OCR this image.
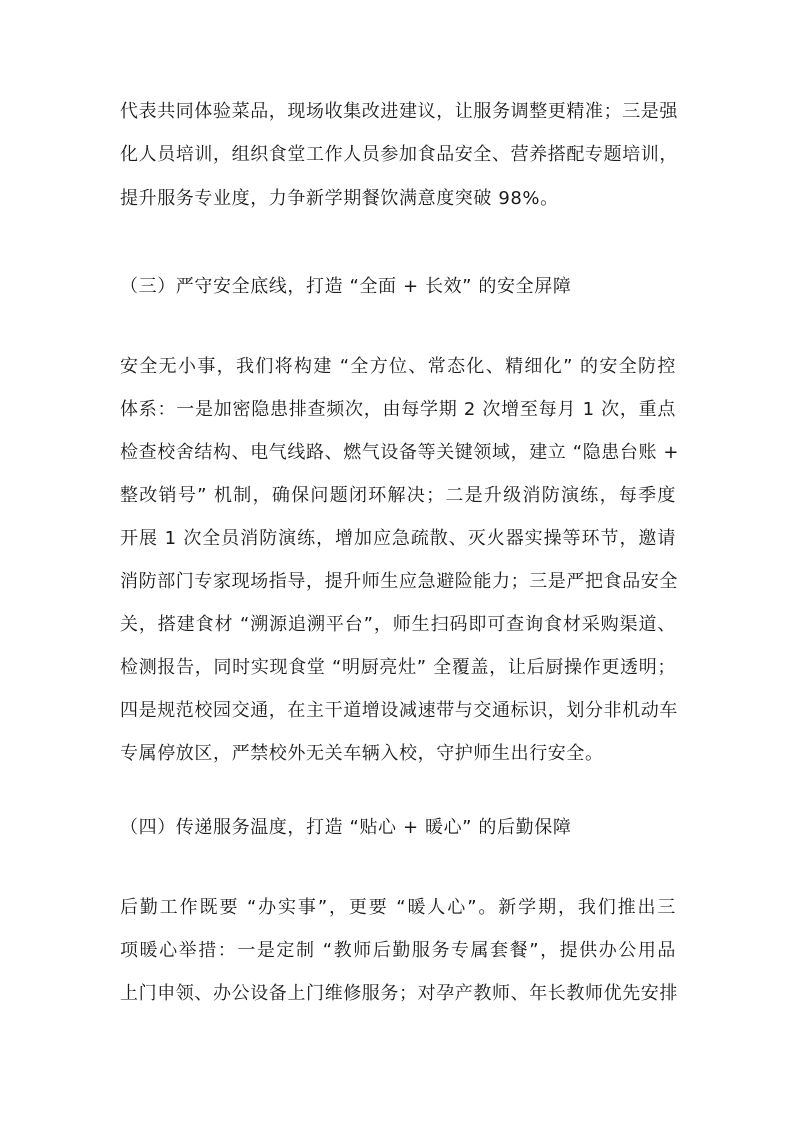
代表共同体验菜品，现场收集改进建议，让服务调整更精准；三是强
化人员培训，组织食堂工作人员参加食品安全、营养搭配专题培训，
提升服务专业度，力争新学期餐饮满意度突破 98%。
（三）严守安全底线，打造 “全面 + 长效” 的安全屏障
安全无小事，我们将构建 “全方位、常态化、精细化” 的安全防控
体系：一是加密隐患排查频次，由每学期 2 次增至每月 1 次，重点
检查校舍结构、电气线路、燃气设备等关键领域，建立 “隐患台账 +
整改销号” 机制，确保问题闭环解决；二是升级消防演练，每季度
开展 1 次全员消防演练，增加应急疏散、灭火器实操等环节，邀请
消防部门专家现场指导，提升师生应急避险能力；三是严把食品安全
关，搭建食材 “溯源追溯平台”，师生扫码即可查询食材采购渠道、
检测报告，同时实现食堂 “明厨亮灶” 全覆盖，让后厨操作更透明；
四是规范校园交通，在主干道增设减速带与交通标识，划分非机动车
专属停放区，严禁校外无关车辆入校，守护师生出行安全。
（四）传递服务温度，打造 “贴心 + 暖心” 的后勤保障
后勤工作既要 “办实事”，更要 “暖人心”。新学期，我们推出三
项暖心举措：一是定制 “教师后勤服务专属套餐”，提供办公用品
上门申领、办公设备上门维修服务；对孕产教师、年长教师优先安排
